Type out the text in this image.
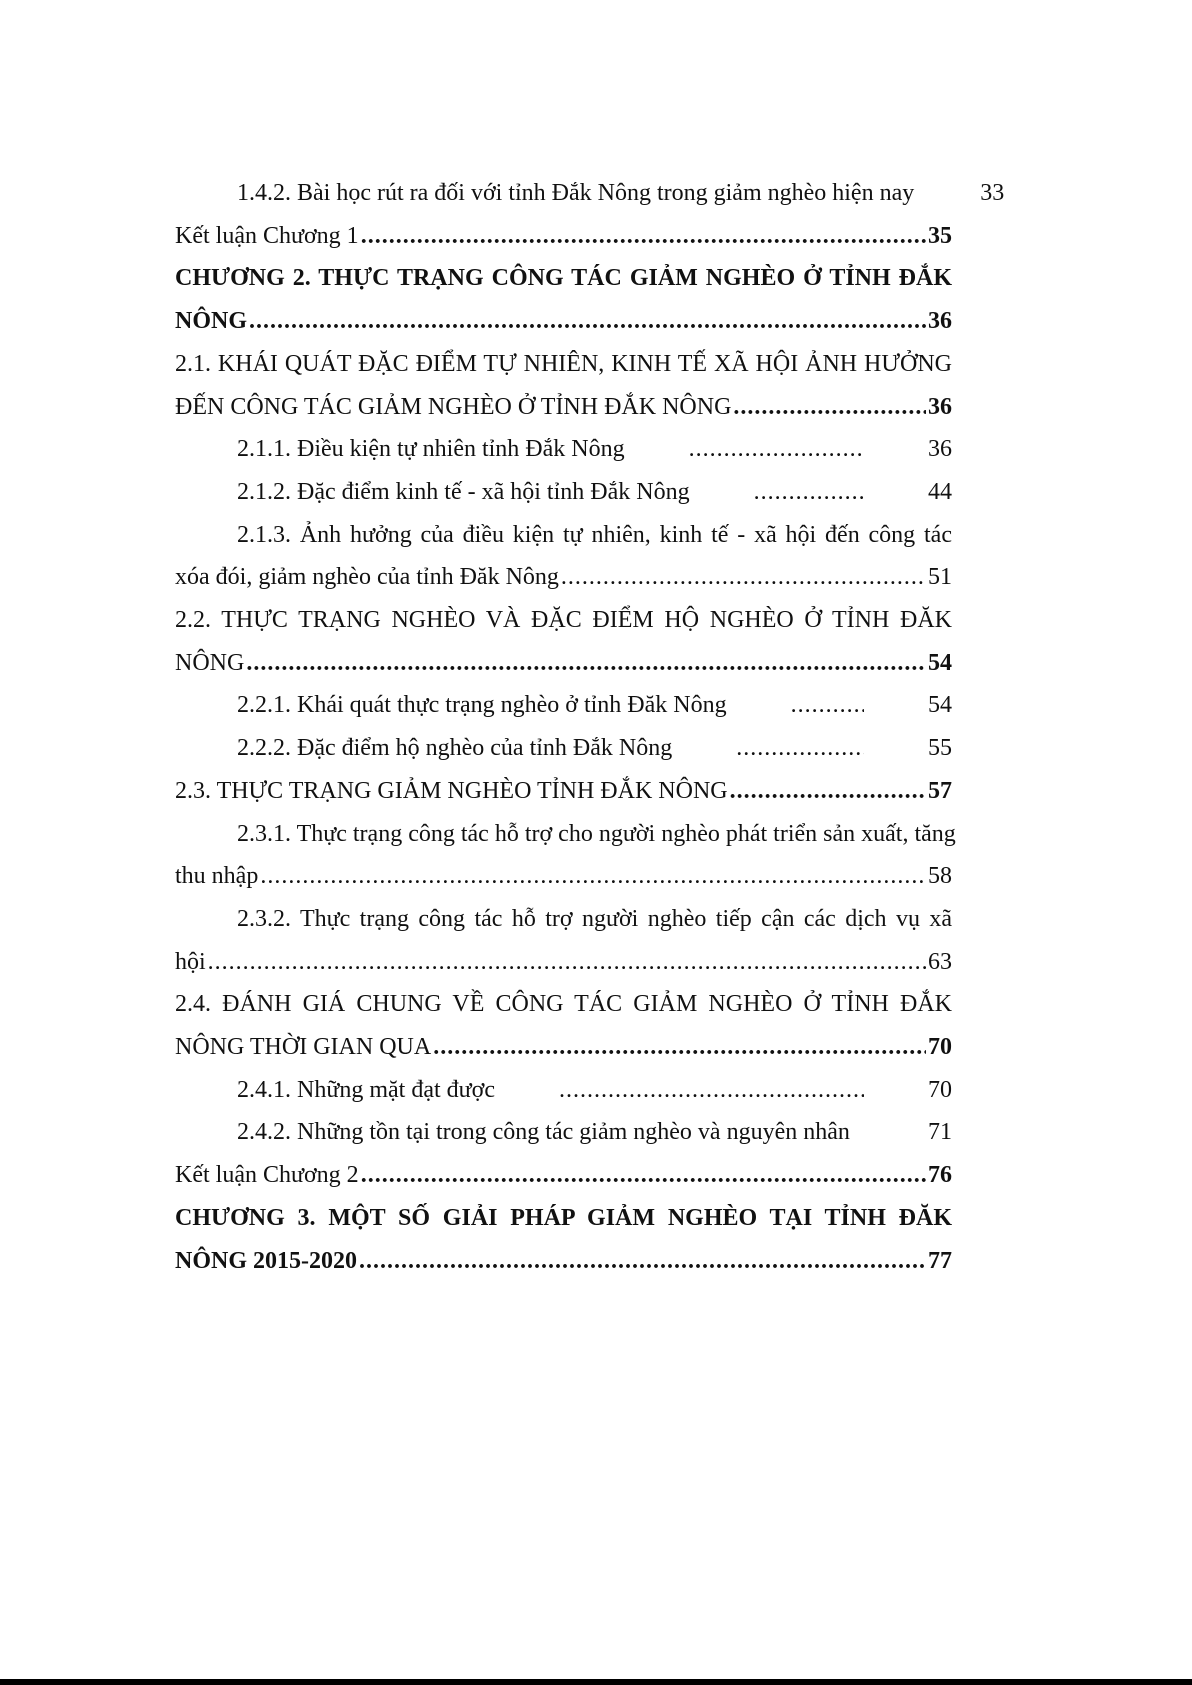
1.4.2. Bài học rút ra đối với tỉnh Đắk Nông trong giảm nghèo hiện nay	33
Kết luận Chương 1 .....	35
CHƯƠNG 2. THỰC TRẠNG CÔNG TÁC GIẢM NGHÈO Ở TỈNH ĐẮK
NÔNG .....	36
2.1. KHÁI QUÁT ĐẶC ĐIỂM TỰ NHIÊN, KINH TẾ XÃ HỘI ẢNH HƯỞNG
ĐẾN CÔNG TÁC GIẢM NGHÈO Ở TỈNH ĐẮK NÔNG .....	36
2.1.1. Điều kiện tự nhiên tỉnh Đắk Nông .....	36
2.1.2. Đặc điểm kinh tế - xã hội tỉnh Đắk Nông .....	44
2.1.3. Ảnh hưởng của điều kiện tự nhiên, kinh tế - xã hội đến công tác
xóa đói, giảm nghèo của tỉnh Đăk Nông .....	51
2.2. THỰC TRẠNG NGHÈO VÀ ĐẶC ĐIỂM HỘ NGHÈO Ở TỈNH ĐĂK
NÔNG .....	54
2.2.1. Khái quát thực trạng nghèo ở tỉnh Đăk Nông .....	54
2.2.2. Đặc điểm hộ nghèo của tỉnh Đắk Nông .....	55
2.3. THỰC TRẠNG GIẢM NGHÈO TỈNH ĐẮK NÔNG .....	57
2.3.1. Thực trạng công tác hỗ trợ cho người nghèo phát triển sản xuất, tăng
thu nhập .....	58
2.3.2. Thực trạng công tác hỗ trợ người nghèo tiếp cận các dịch vụ xã
hội .....	63
2.4. ĐÁNH GIÁ CHUNG VỀ CÔNG TÁC GIẢM NGHÈO Ở TỈNH ĐẮK
NÔNG THỜI GIAN QUA .....	70
2.4.1. Những mặt đạt được .....	70
2.4.2. Những tồn tại trong công tác giảm nghèo và nguyên nhân .....	71
Kết luận Chương 2 .....	76
CHƯƠNG 3. MỘT SỐ GIẢI PHÁP GIẢM NGHÈO TẠI TỈNH ĐĂK
NÔNG 2015-2020 .....	77
